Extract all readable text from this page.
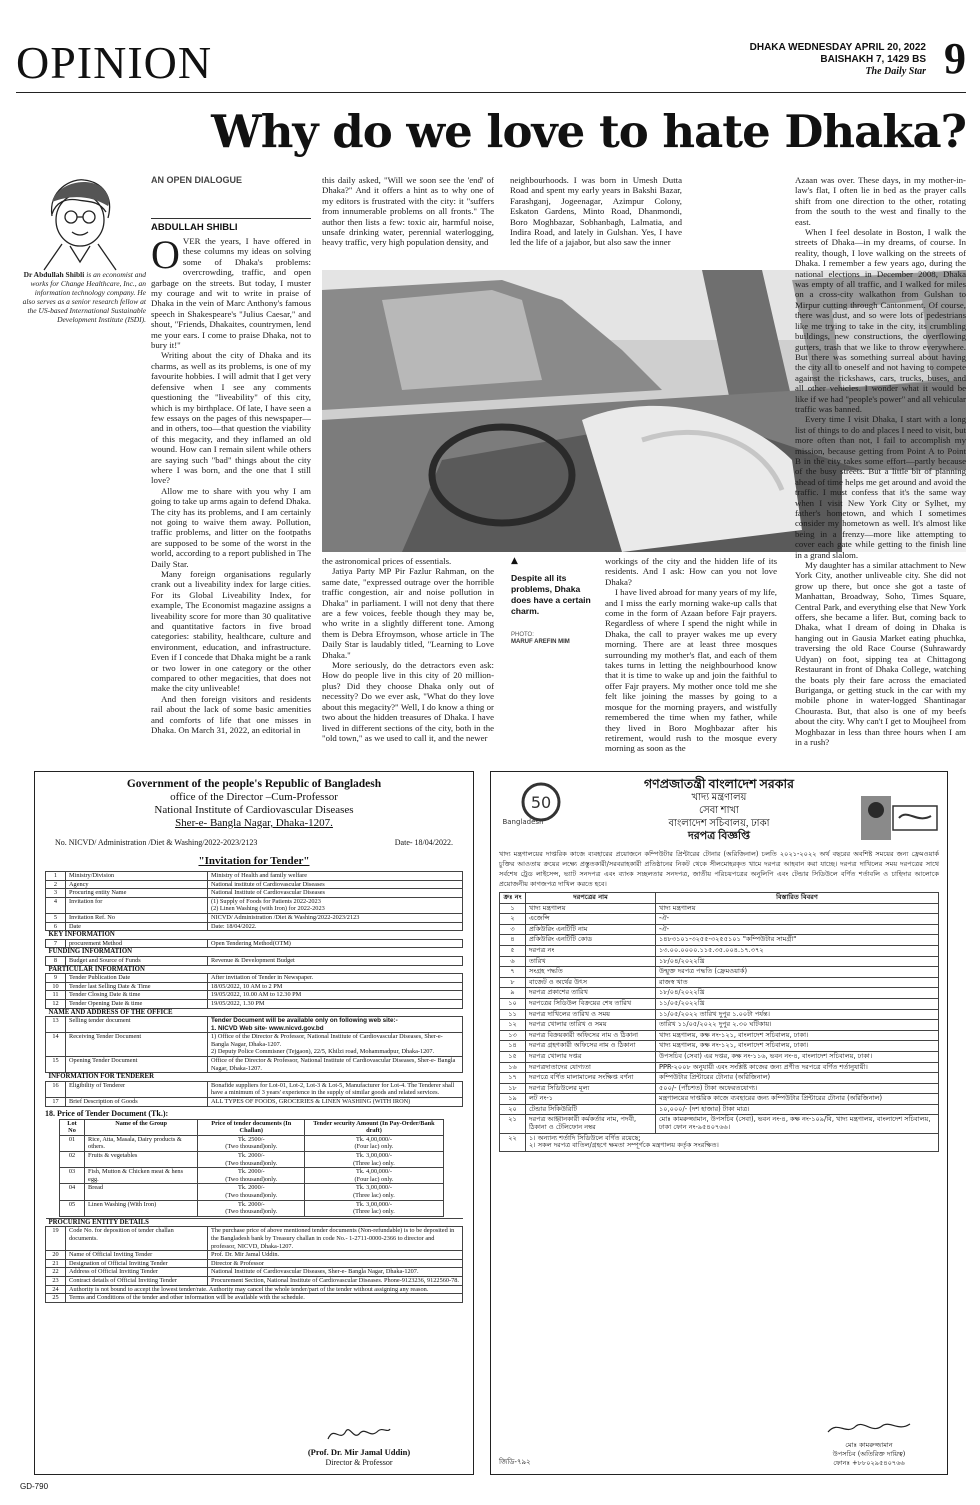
OPINION	DHAKA WEDNESDAY APRIL 20, 2022
BAISHAKH 7, 1429 BS
The Daily Star 9
Why do we love to hate Dhaka?
AN OPEN DIALOGUE
ABDULLAH SHIBLI
Dr Abdullah Shibli is an economist and works for Change Healthcare, Inc., an information technology company. He also serves as a senior research fellow at the US-based International Sustainable Development Institute (ISDI).

OVER the years, I have offered in these columns my ideas on solving some of Dhaka's problems: overcrowding, traffic, and open garbage on the streets. But today, I muster my courage and wit to write in praise of Dhaka in the vein of Marc Anthony's famous speech in Shakespeare's "Julius Caesar," and shout, "Friends, Dhakaites, countrymen, lend me your ears. I come to praise Dhaka, not to bury it!"

Writing about the city of Dhaka and its charms, as well as its problems, is one of my favourite hobbies. I will admit that I get very defensive when I see any comments questioning the "liveability" of this city, which is my birthplace. Of late, I have seen a few essays on the pages of this newspaper—and in others, too—that question the viability of this megacity, and they inflamed an old wound. How can I remain silent while others are saying such "bad" things about the city where I was born, and the one that I still love?

Allow me to share with you why I am going to take up arms again to defend Dhaka. The city has its problems, and I am certainly not going to waive them away. Pollution, traffic problems, and litter on the footpaths are supposed to be some of the worst in the world, according to a report published in The Daily Star.

Many foreign organisations regularly crank out a liveability index for large cities. For its Global Liveability Index, for example, The Economist magazine assigns a liveability score for more than 30 qualitative and quantitative factors in five broad categories: stability, healthcare, culture and environment, education, and infrastructure. Even if I concede that Dhaka might be a rank or two lower in one category or the other compared to other megacities, that does not make the city unliveable!

And then foreign visitors and residents rail about the lack of some basic amenities and comforts of life that one misses in Dhaka. On March 31, 2022, an editorial in

this daily asked, "Will we soon see the 'end' of Dhaka?" And it offers a hint as to why one of my editors is frustrated with the city: it "suffers from innumerable problems on all fronts." The author then lists a few: toxic air, harmful noise, unsafe drinking water, perennial waterlogging, heavy traffic, very high population density, and

neighbourhoods. I was born in Umesh Dutta Road and spent my early years in Bakshi Bazar, Farashganj, Jogeenagar, Azimpur Colony, Eskaton Gardens, Minto Road, Dhanmondi, Boro Moghbazar, Sobhanbagh, Lalmatia, and Indira Road, and lately in Gulshan. Yes, I have led the life of a jajabor, but also saw the inner

▲
Despite all its problems, Dhaka does have a certain charm.
PHOTO:
MARUF AREFIN MIM

the astronomical prices of essentials.

Jatiya Party MP Pir Fazlur Rahman, on the same date, "expressed outrage over the horrible traffic congestion, air and noise pollution in Dhaka" in parliament. I will not deny that there are a few voices, feeble though they may be, who write in a slightly different tone. Among them is Debra Efroymson, whose article in The Daily Star is laudably titled, "Learning to Love Dhaka."

More seriously, do the detractors even ask: How do people live in this city of 20 million-plus? Did they choose Dhaka only out of necessity? Do we ever ask, "What do they love about this megacity?" Well, I do know a thing or two about the hidden treasures of Dhaka. I have lived in different sections of the city, both in the "old town," as we used to call it, and the newer

workings of the city and the hidden life of its residents. And I ask: How can you not love Dhaka?

I have lived abroad for many years of my life, and I miss the early morning wake-up calls that come in the form of Azaan before Fajr prayers. Regardless of where I spend the night while in Dhaka, the call to prayer wakes me up every morning. There are at least three mosques surrounding my mother's flat, and each of them takes turns in letting the neighbourhood know that it is time to wake up and join the faithful to offer Fajr prayers. My mother once told me she felt like joining the masses by going to a mosque for the morning prayers, and wistfully remembered the time when my father, while they lived in Boro Moghbazar after his retirement, would rush to the mosque every morning as soon as the

Azaan was over. These days, in my mother-in-law's flat, I often lie in bed as the prayer calls shift from one direction to the other, rotating from the south to the west and finally to the east.

When I feel desolate in Boston, I walk the streets of Dhaka—in my dreams, of course. In reality, though, I love walking on the streets of Dhaka. I remember a few years ago, during the national elections in December 2008, Dhaka was empty of all traffic, and I walked for miles on a cross-city walkathon from Gulshan to Mirpur cutting through Cantonment. Of course, there was dust, and so were lots of pedestrians like me trying to take in the city, its crumbling buildings, new constructions, the overflowing gutters, trash that we like to throw everywhere. But there was something surreal about having the city all to oneself and not having to compete against the rickshaws, cars, trucks, buses, and all other vehicles. I wonder what it would be like if we had "people's power" and all vehicular traffic was banned.

Every time I visit Dhaka, I start with a long list of things to do and places I need to visit, but more often than not, I fail to accomplish my mission, because getting from Point A to Point B in the city takes some effort—partly because of the busy streets. But a little bit of planning ahead of time helps me get around and avoid the traffic. I must confess that it's the same way when I visit New York City or Sylhet, my father's hometown, and which I sometimes consider my hometown as well. It's almost like being in a frenzy—more like attempting to cover each gate while getting to the finish line in a grand slalom.

My daughter has a similar attachment to New York City, another unliveable city. She did not grow up there, but once she got a taste of Manhattan, Broadway, Soho, Times Square, Central Park, and everything else that New York offers, she became a lifer. But, coming back to Dhaka, what I dream of doing in Dhaka is hanging out in Gausia Market eating phuchka, traversing the old Race Course (Suhrawardy Udyan) on foot, sipping tea at Chittagong Restaurant in front of Dhaka College, watching the boats ply their fare across the emaciated Buriganga, or getting stuck in the car with my mobile phone in water-logged Shantinagar Chourasta. But, that also is one of my beefs about the city. Why can't I get to Moujheel from Moghbazar in less than three hours when I am in a rush?

Government of the people's Republic of Bangladesh
office of the Director –Cum-Professor
National Institute of Cardiovascular Diseases
Sher-e- Bangla Nagar, Dhaka-1207.
No. NICVD/ Administration /Diet & Washing/2022-2023/2123	Date- 18/04/2022.
"Invitation for Tender"
1	Ministry/Division	Ministry of Health and family welfare
2	Agency	National institute of Cardiovascular Diseases
3	Procuring entity Name	National Institute of Cardiovascular Diseases
4	Invitation for	(1) Supply of Foods for Patients 2022-2023
(2) Linen Washing (with Iron) for 2022-2023
5	Invitation Ref. No	NICVD/ Administration /Diet & Washing/2022-2023/2123
6	Date	Date: 18/04/2022.
KEY INFORMATION		
7	procurement Method	Open Tendering Method(OTM)
FUNDING INFORMATION		
8	Budget and Source of Funds	Revenue & Development Budget
PARTICULAR INFORMATION		
9	Tender Publication Date	After invitation of Tender in Newspaper.
10	Tender last Selling Date & Time	18/05/2022, 10 AM to 2 PM
11	Tender Closing Date & time	19/05/2022, 10.00 AM to 12.30 PM
12	Tender Opening Date & time	19/05/2022, 1.30 PM
NAME AND ADDRESS OF THE OFFICE		
13	Selling tender document	Tender Document will be available only on following web site:-
1. NICVD Web site- www.nicvd.gov.bd

14	Receiving Tender Document	1) Office of the Director & Professor, National Institute of Cardiovascular Diseases, Sher-e- Bangla Nagar, Dhaka-1207.
2) Deputy Police Commisner (Tejgaon), 22/5, Khilzi road, Mohammadpur, Dhaka-1207.
15	Opening Tender Document	Office of the Director & Professor, National Institute of Cardiovascular Diseases, Sher-e- Bangla Nagar, Dhaka-1207.
INFORMATION FOR TENDERER		
16	Eligibility of Tenderer	Bonafide suppliers for Lot-01, Lot-2, Lot-3 & Lot-5, Manufacturer for Lot-4. The Tenderer shall have a minimum of 3 years' experience in the supply of similar goods and related services.
17	Brief Description of Goods	ALL TYPES OF FOODS, GROCERIES & LINEN WASHING (WITH IRON)
18. Price of Tender Document (Tk.):
Lot No	Name of the Group	Price of tender documents (In Challan)	Tender security Amount (In Pay-Order/Bank draft)
01	Rice, Atta, Masala, Dairy products & others.	Tk. 2500/-
(Two thousand)only.	Tk. 4,00,000/-
(Four lac) only.
02	Fruits & vegetables	Tk. 2000/-
(Two thousand)only.	Tk. 3,00,000/-
(Three lac) only.
03	Fish, Mutton & Chicken meat & hens egg.	Tk. 2000/-
(Two thousand)only.	Tk. 4,00,000/-
(Four lac) only.
04	Bread	Tk. 2000/-
(Two thousand)only.	Tk. 3,00,000/-
(Three lac) only.
05	Linen Washing (With Iron)	Tk. 2000/-
(Two thousand)only.	Tk. 3,00,000/-
(Three lac) only.
PROCURING ENTITY DETAILS		
19	Code No. for deposition of tender challan documents.	The purchase price of above mentioned tender documents (Non-refundable) is to be deposited in the Bangladesh bank by Treasury challan in code No.- 1-2711-0000-2366 to director and professor, NICVD, Dhaka-1207.
20	Name of Official Inviting Tender	Prof. Dr. Mir Jamal Uddin.
21	Designation of Official Inviting Tender	Director & Professor
22	Address of Official Inviting Tender	National Institute of Cardiovascular Diseases, Sher-e- Bangla Nagar, Dhaka-1207.
23	Contract details of Official Inviting Tender	Procurement Section, National Institute of Cardiovascular Diseases. Phone-9123236, 9122560-78.
24	Authority is not bound to accept the lowest tender/rate. Authority may cancel the whole tender/part of the tender without assigning any reason.	
25	Terms and Conditions of the tender and other information will be available with the schedule.	
(Prof. Dr. Mir Jamal Uddin)
Director & Professor
GD-790
50
Bangladesh
গণপ্রজাতন্ত্রী বাংলাদেশ সরকার
খাদ্য মন্ত্রণালয়
সেবা শাখা
বাংলাদেশ সচিবালয়, ঢাকা
দরপত্র বিজ্ঞপ্তি
খাদ্য মন্ত্রণালয়ের দাপ্তরিক কাজে ব্যবহারের প্রয়োজনে কম্পিউটার প্রিন্টারের টোনার (অরিজিনাল) চলতি ২০২১-২০২২ অর্থ বছরের অবশিষ্ট সময়ের জন্য ফ্রেমওয়ার্ক চুক্তির আওতায় ক্রয়ের লক্ষ্যে প্রস্তুতকারী/সরবরাহকারী প্রতিষ্ঠানের নিকট থেকে সীলমোহরকৃত খামে দরপত্র আহবান করা যাচ্ছে। দরপত্র দাখিলের সময় দরপত্রের সাথে সর্বশেষ ট্রেড লাইসেন্স, ভ্যাট সনদপত্র এবং ব্যাংক সচ্ছলতার সনদপত্র, জাতীয় পরিচয়পত্রের অনুলিপি এবং টেন্ডার সিডিউলে বর্ণিত শর্তাবলি ও চাহিদার আলোকে প্রয়োজনীয় কাগজপত্র দাখিল করতে হবে।
ক্রঃ নং	দরপত্রের নাম	বিস্তারিত বিবরণ
১	খাদ্য মন্ত্রণালয়	খাদ্য মন্ত্রণালয়
২	এজেন্সি	-ঐ-
৩	প্রকিউরিং এনটিটি নাম	-ঐ-
৪	প্রকিউরিং এনটিটি কোড	১৪৮৩১০১-৩২৫৫-৩২৫৫১০১ "কম্পিউটার সামগ্রী"
৫	দরপত্র নং	১৩.০০.০০০০.১১৫.৩৫.০০৪.১৭.৩৭২
৬	তারিখ	১৮/০৪/২০২২খ্রি
৭	সংগ্রহ পদ্ধতি	উন্মুক্ত দরপত্র পদ্ধতি (ফ্রেমওয়ার্ক)
৮	বাজেট ও অর্থের উৎস	রাজস্ব খাত
৯	দরপত্র প্রকাশের তারিখ	১৮/০৪/২০২২খ্রি
১০	দরপত্রের সিডিউল বিক্রয়ের শেষ তারিখ	১১/০৫/২০২২খ্রি
১১	দরপত্র দাখিলের তারিখ ও সময়	১১/০৫/২০২২ তারিখ দুপুর ১.০০টা পর্যন্ত।
১২	দরপত্র খোলার তারিখ ও সময়	তারিখ ১১/০৫/২০২২ দুপুর ২.৩০ ঘটিকায়।
১৩	দরপত্র বিক্রয়কারী অফিসের নাম ও ঠিকানা	খাদ্য মন্ত্রণালয়, কক্ষ নং-১২১, বাংলাদেশ সচিবালয়, ঢাকা।
১৪	দরপত্র গ্রহণকারী অফিসের নাম ও ঠিকানা	খাদ্য মন্ত্রণালয়, কক্ষ নং-১২১, বাংলাদেশ সচিবালয়, ঢাকা।
১৫	দরপত্র খোলার দপ্তর	উপসচিব (সেবা) এর দপ্তর, কক্ষ নং-১১৬, ভবন নং-৪, বাংলাদেশ সচিবালয়, ঢাকা।
১৬	দরপত্রদাতাদের যোগ্যতা	PPR-২০০৮ অনুযায়ী এবং সংশ্লিষ্ট কাজের জন্য প্রণীত দরপত্রে বর্ণিত শর্তানুযায়ী।
১৭	দরপত্রে বর্ণিত মালামালের সংক্ষিপ্ত বর্ণনা	কম্পিউটার প্রিন্টারের টোনার (অরিজিনাল)
১৮	দরপত্র সিডিউলের মূল্য	৫০০/- (পাঁচশত) টাকা অফেরতযোগ্য।
১৯	লট নং-১	মন্ত্রণালয়ের দাপ্তরিক কাজে ব্যবহারের জন্য কম্পিউটার প্রিন্টারের টোনার (অরিজিনাল)
২০	টেন্ডার সিকিউরিটি	১০,০০০/- (দশ হাজার) টাকা মাত্র।
২১	দরপত্র আহ্বানকারী কর্মকর্তার নাম, পদবী, ঠিকানা ও টেলিফোন নম্বর	মোঃ কামরুজ্জামান, উপসচিব (সেবা), ভবন নং-৪, কক্ষ নং-১০৯/বি, খাদ্য মন্ত্রণালয়, বাংলাদেশ সচিবালয়, ঢাকা ফোন নং-৯৫৪০৭৬৬।
২২	১। অন্যান্য শর্তাদি সিডিউলে বর্ণিত রয়েছে;
২। সকল দরপত্র বাতিল/গ্রহণে ক্ষমতা সম্পূর্ণকে মন্ত্রণালয় কর্তৃক সংরক্ষিত।	

মোঃ কামরুজ্জামান
উপসচিব (অতিরিক্ত দায়িত্ব)
ফোনঃ +৮৮০২৯৫৪০৭৬৬
জিডি-৭৯২
